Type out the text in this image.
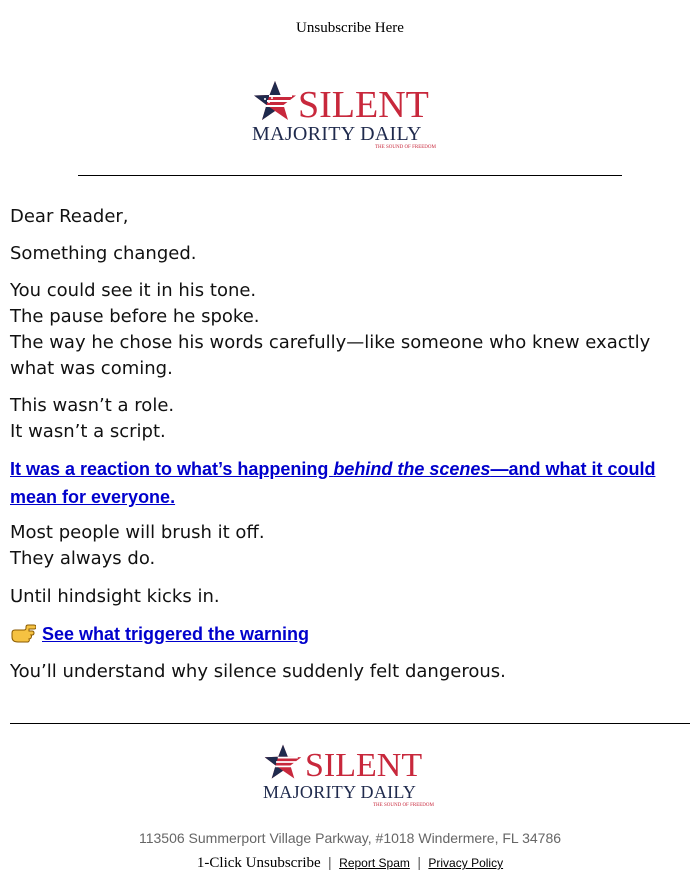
Unsubscribe Here
SILENT
MAJORITY DAILY
THE SOUND OF FREEDOM

Dear Reader,

Something changed.

You could see it in his tone.
The pause before he spoke.
The way he chose his words carefully—like someone who knew exactly
what was coming.
This wasn’t a role.
It wasn’t a script.
It was a reaction to what’s happening behind the scenes—and what it could
mean for everyone.
Most people will brush it off.
They always do.

Until hindsight kicks in.

See what triggered the warning

You’ll understand why silence suddenly felt dangerous.

SILENT
MAJORITY DAILY
THE SOUND OF FREEDOM
113506 Summerport Village Parkway, #1018 Windermere, FL 34786
1-Click Unsubscribe | Report Spam | Privacy Policy
